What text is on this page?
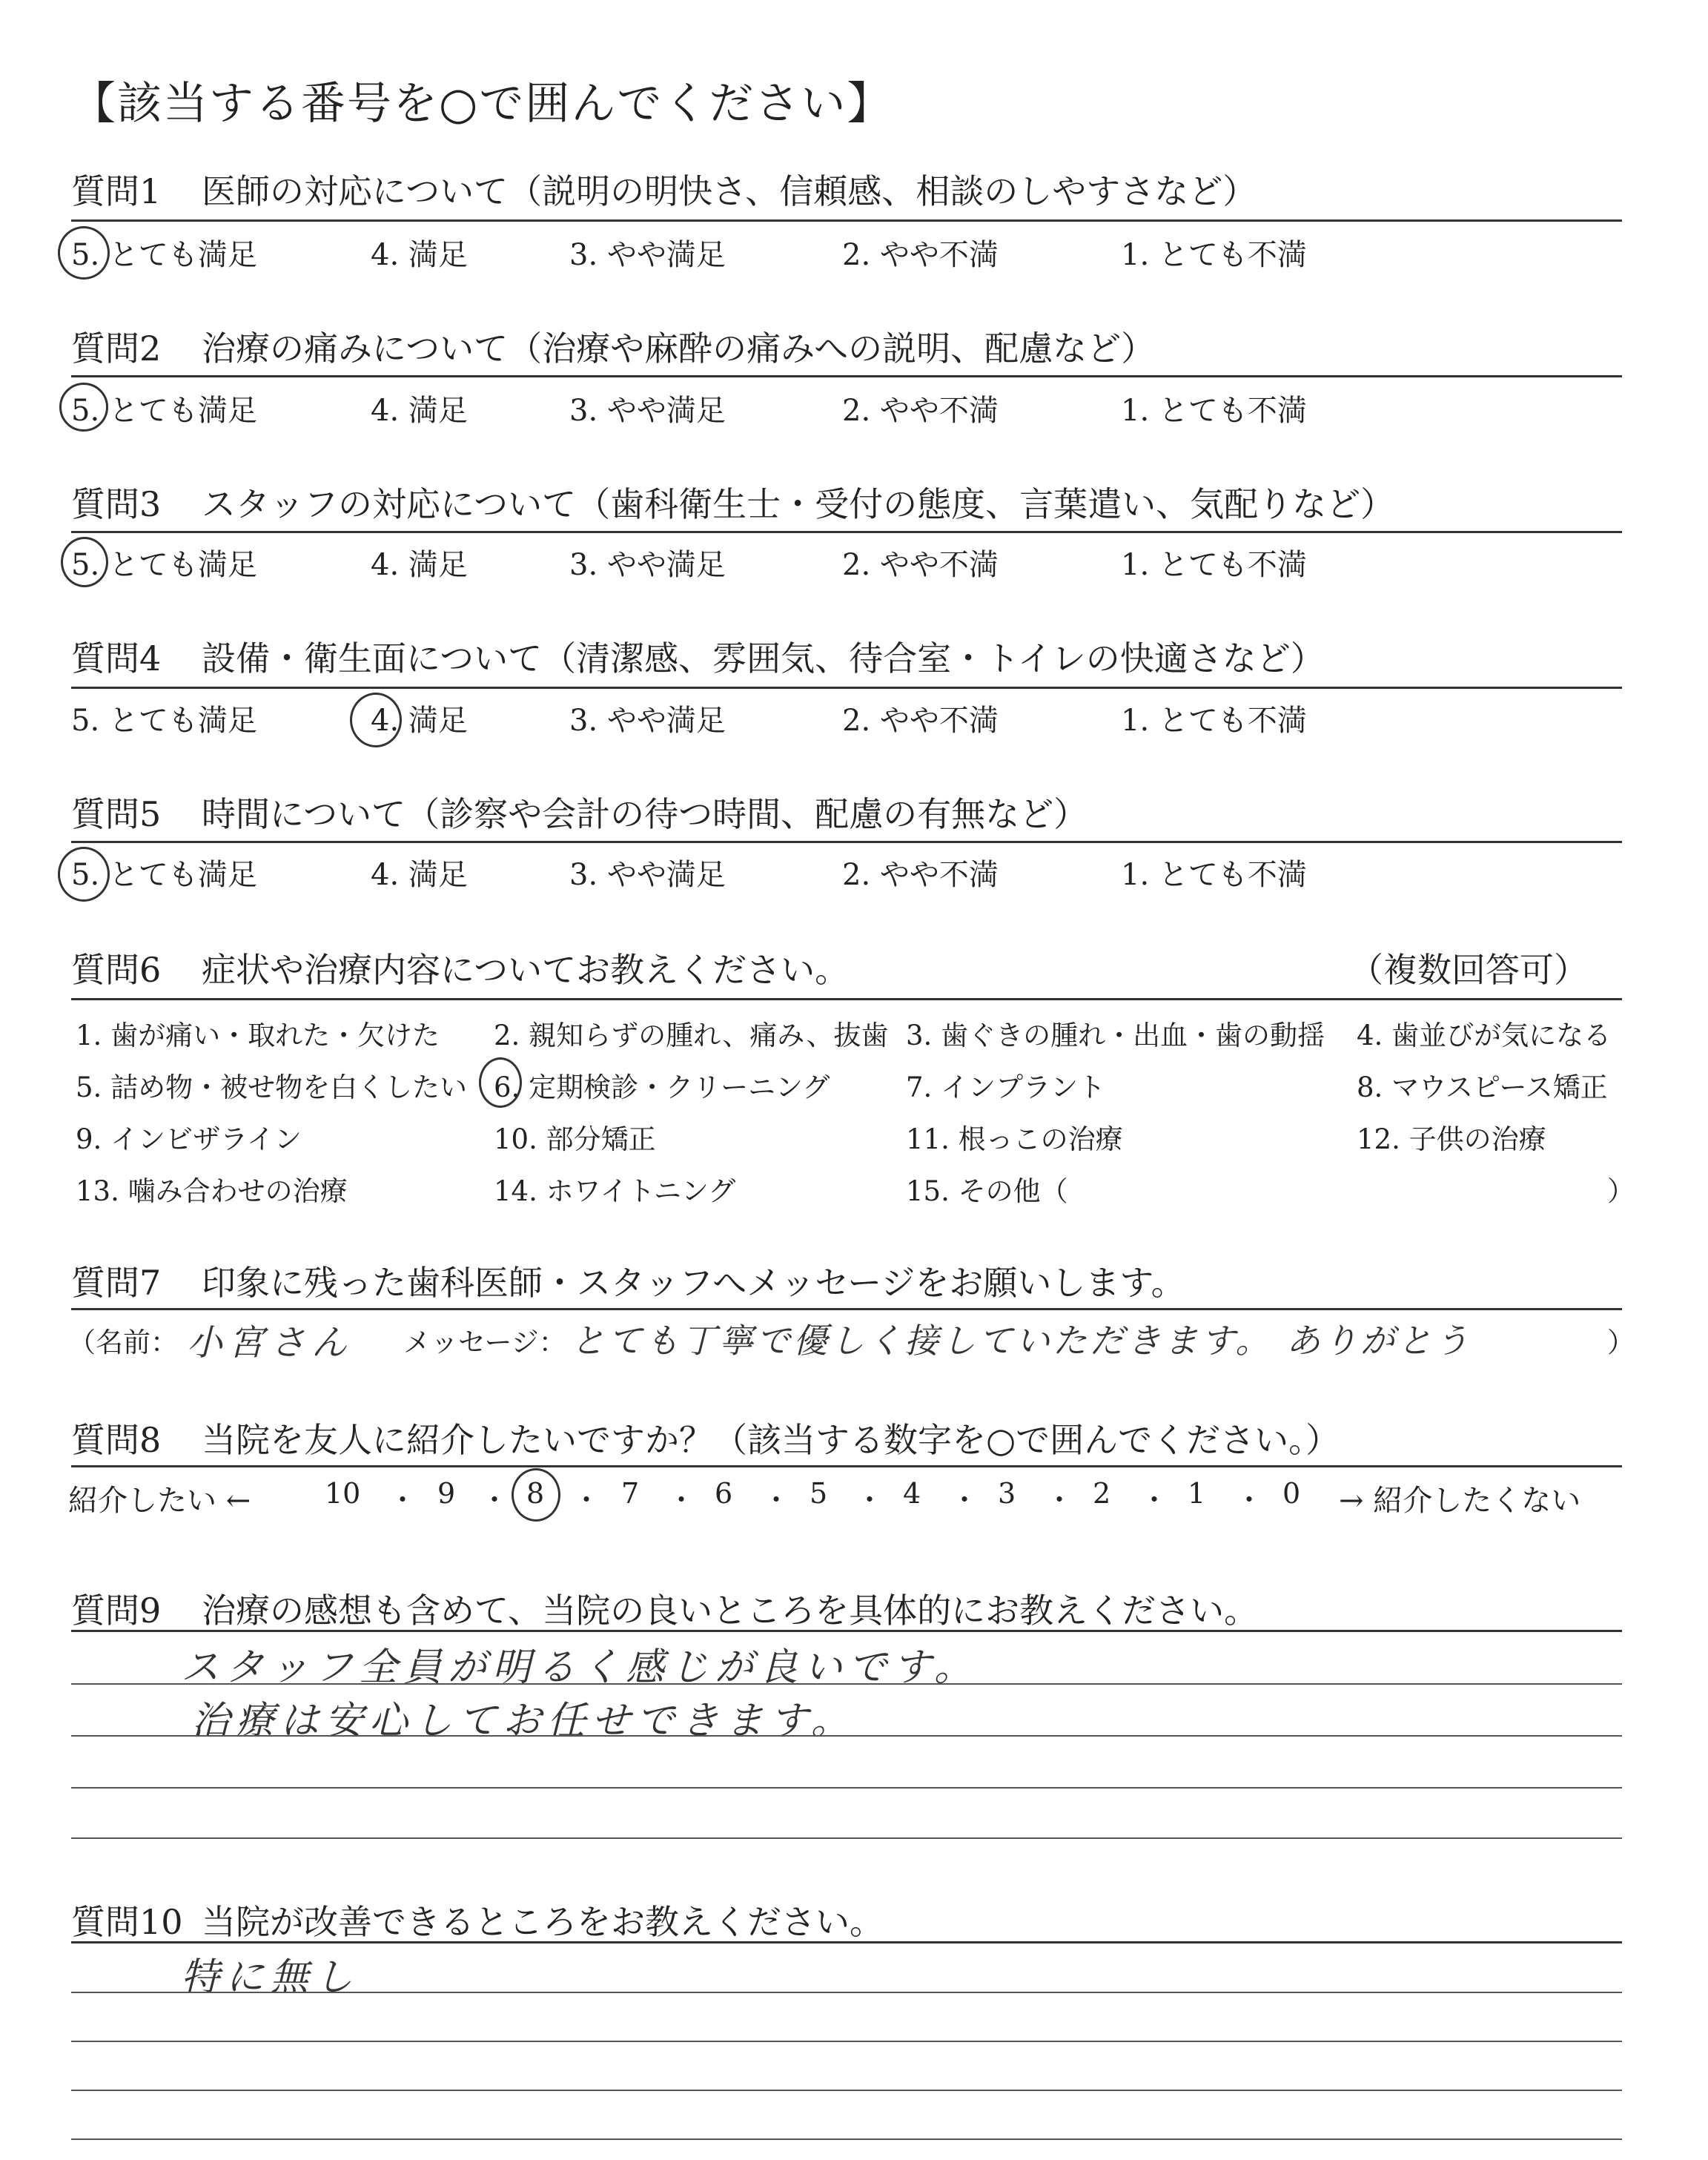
【該当する番号を○で囲んでください】
質問1 医師の対応について（説明の明快さ、信頼感、相談のしやすさなど）
5. とても満足	4. 満足	3. やや満足	2. やや不満	1. とても不満
質問2 治療の痛みについて（治療や麻酔の痛みへの説明、配慮など）
5. とても満足	4. 満足	3. やや満足	2. やや不満	1. とても不満
質問3 スタッフの対応について（歯科衛生士・受付の態度、言葉遣い、気配りなど）
5. とても満足	4. 満足	3. やや満足	2. やや不満	1. とても不満
質問4 設備・衛生面について（清潔感、雰囲気、待合室・トイレの快適さなど）
5. とても満足	4. 満足	3. やや満足	2. やや不満	1. とても不満
質問5 時間について（診察や会計の待つ時間、配慮の有無など）
5. とても満足	4. 満足	3. やや満足	2. やや不満	1. とても不満
質問6 症状や治療内容についてお教えください。	（複数回答可）
1. 歯が痛い・取れた・欠けた 2. 親知らずの腫れ、痛み、抜歯 3. 歯ぐきの腫れ・出血・歯の動揺 4. 歯並びが気になる
5. 詰め物・被せ物を白くしたい 6. 定期検診・クリーニング	7. インプラント	8. マウスピース矯正
9. インビザライン	10. 部分矯正	11. 根っこの治療	12. 子供の治療
13. 噛み合わせの治療	14. ホワイトニング	15. その他（	）
質問7 印象に残った歯科医師・スタッフへメッセージをお願いします。
（名前： 小宮さん メッセージ： とても丁寧で優しく接していただきます。 ありがとう	）
質問8 当院を友人に紹介したいですか？（該当する数字を○で囲んでください。）
紹介したい ←	10	9	8	7	6	5	4	3	2	1	0
・ ・ ・ ・ ・ ・ ・ ・ ・ ・	→ 紹介したくない
質問9 治療の感想も含めて、当院の良いところを具体的にお教えください。
スタッフ全員が明るく感じが良いです。
治療は安心してお任せできます。
質問10 当院が改善できるところをお教えください。
特に無し
